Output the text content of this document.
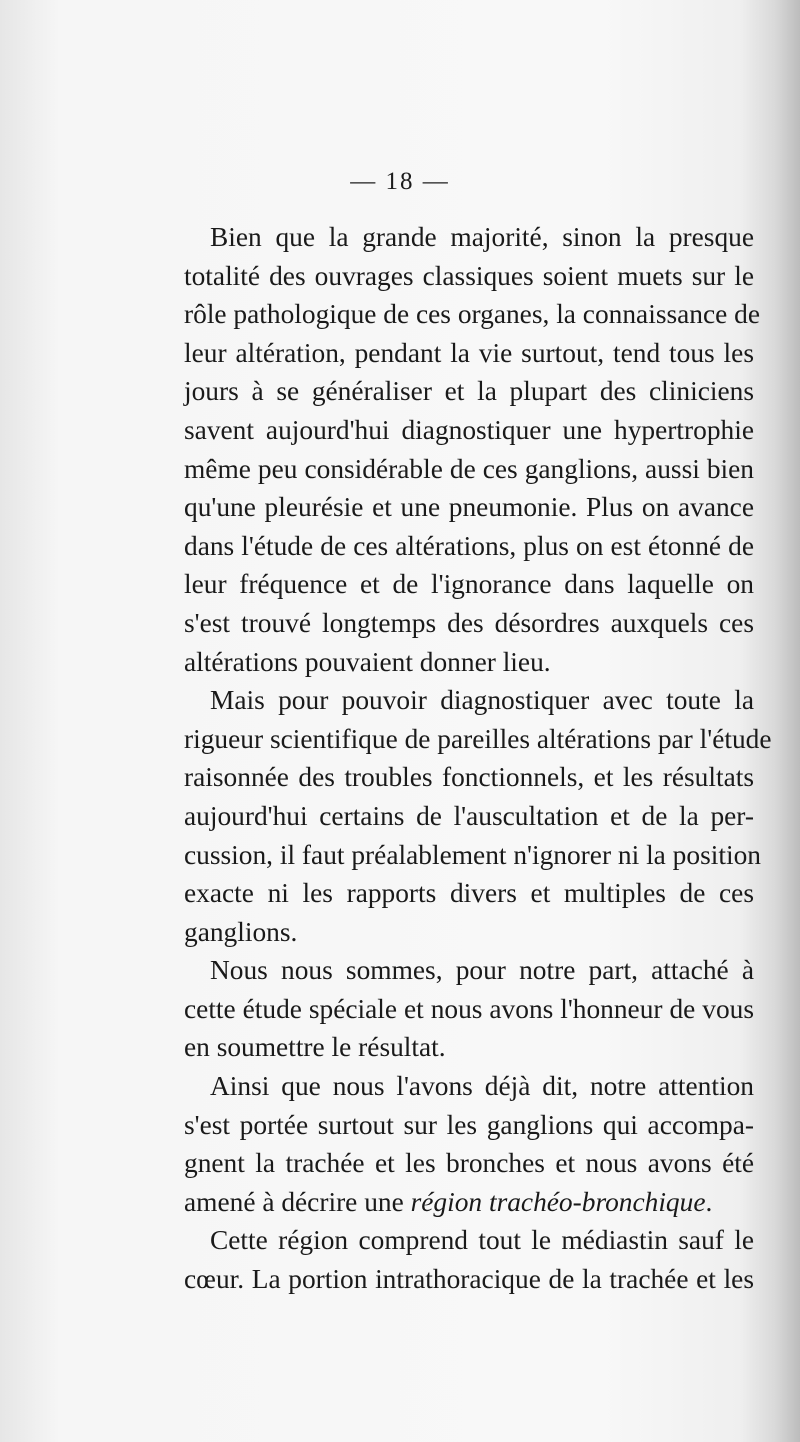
— 18 —

Bien que la grande majorité, sinon la presque
totalité des ouvrages classiques soient muets sur le
rôle pathologique de ces organes, la connaissance de
leur altération, pendant la vie surtout, tend tous les
jours à se généraliser et la plupart des cliniciens
savent aujourd'hui diagnostiquer une hypertrophie
même peu considérable de ces ganglions, aussi bien
qu'une pleurésie et une pneumonie. Plus on avance
dans l'étude de ces altérations, plus on est étonné de
leur fréquence et de l'ignorance dans laquelle on
s'est trouvé longtemps des désordres auxquels ces
altérations pouvaient donner lieu.

Mais pour pouvoir diagnostiquer avec toute la
rigueur scientifique de pareilles altérations par l'étude
raisonnée des troubles fonctionnels, et les résultats
aujourd'hui certains de l'auscultation et de la per-
cussion, il faut préalablement n'ignorer ni la position
exacte ni les rapports divers et multiples de ces
ganglions.

Nous nous sommes, pour notre part, attaché à
cette étude spéciale et nous avons l'honneur de vous
en soumettre le résultat.

Ainsi que nous l'avons déjà dit, notre attention
s'est portée surtout sur les ganglions qui accompa-
gnent la trachée et les bronches et nous avons été
amené à décrire une région trachéo-bronchique.

Cette région comprend tout le médiastin sauf le
cœur. La portion intrathoracique de la trachée et les
